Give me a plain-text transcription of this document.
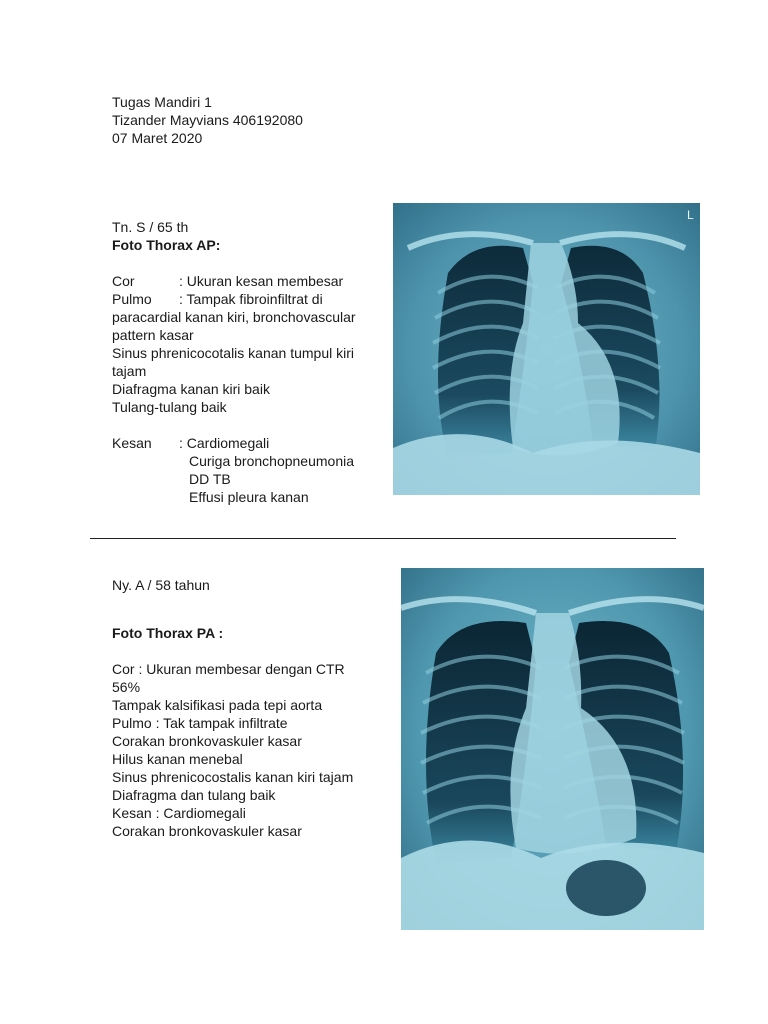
Tugas Mandiri 1
Tizander Mayvians 406192080
07 Maret 2020
Tn. S / 65 th
Foto Thorax AP:
Cor	: Ukuran kesan membesar
Pulmo	: Tampak fibroinfiltrat di
paracardial kanan kiri, bronchovascular
pattern kasar
Sinus phrenicocotalis kanan tumpul kiri
tajam
Diafragma kanan kiri baik
Tulang-tulang baik
Kesan	: Cardiomegali
Curiga bronchopneumonia
DD TB
Effusi pleura kanan
L
Ny. A / 58 tahun
Foto Thorax PA :
Cor : Ukuran membesar dengan CTR
56%
Tampak kalsifikasi pada tepi aorta
Pulmo : Tak tampak infiltrate
Corakan bronkovaskuler kasar
Hilus kanan menebal
Sinus phrenicocostalis kanan kiri tajam
Diafragma dan tulang baik
Kesan : Cardiomegali
Corakan bronkovaskuler kasar
